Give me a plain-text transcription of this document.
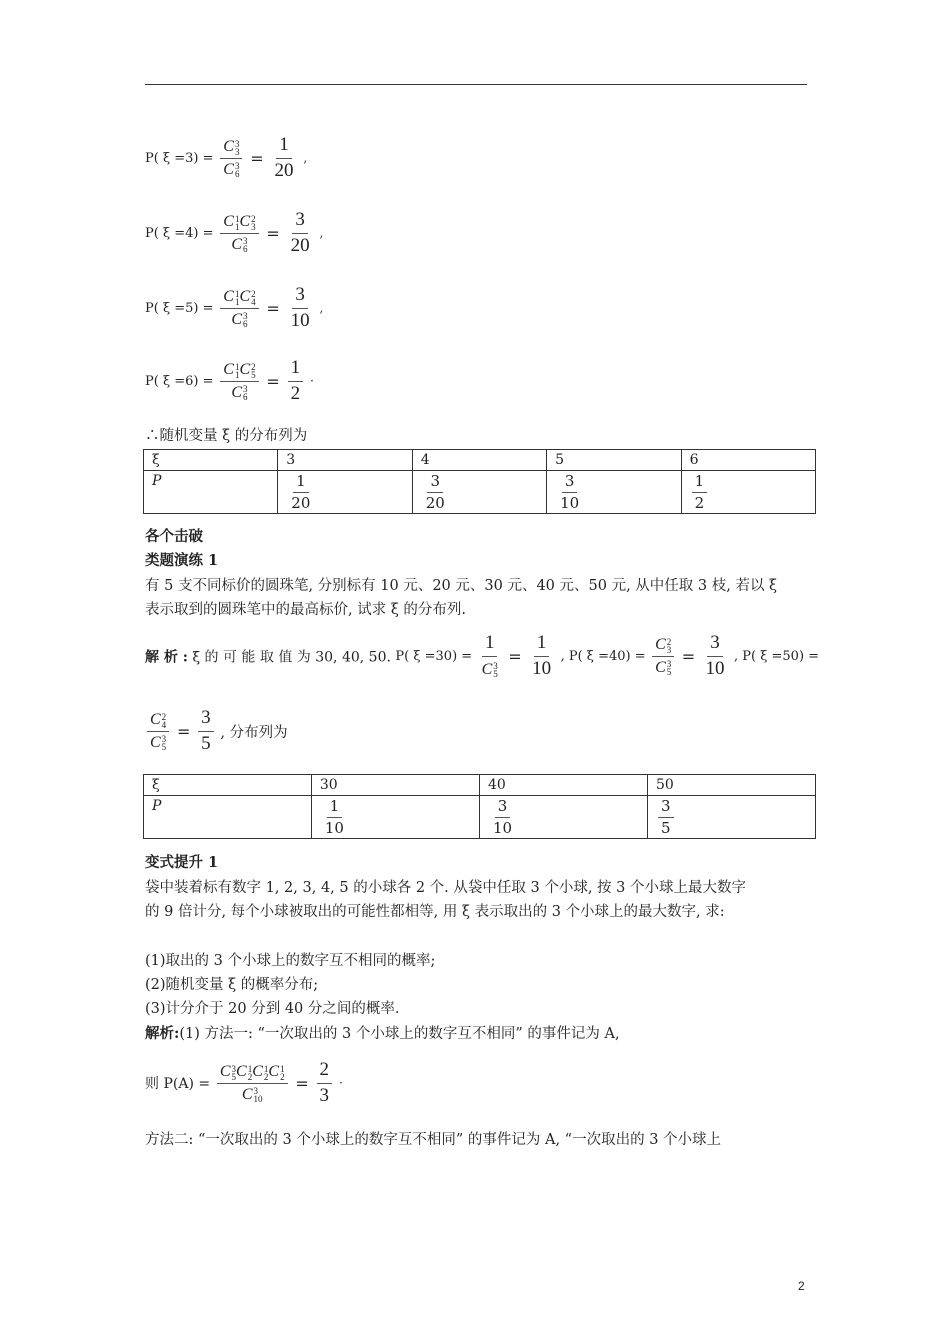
P( ξ =3) = C 3
3
C 3
$6 = \frac{1}{20}$ ,
P( ξ =4) = C 1
1 C 2
3
C 3
$6 = \frac{3}{20}$ ,
P( ξ =5) = C 1
1 C 2
4
C 3
$6 = \frac{3}{10}$ ,
P( ξ =6) = C 1
1 C 2
5
C 3
$6 = \frac{1}{2}$ ·
∴随机变量 ξ 的分布列为
ξ	3	4	5	6
P	$\frac{1}{20}$	$\frac{3}{20}$	$\frac{3}{10}$	$\frac{1}{2}$
各个击破
类题演练 1
有 5 支不同标价的圆珠笔, 分别标有 10 元、20 元、30 元、40 元、50 元, 从中任取 3 枝, 若以 ξ
表示取到的圆珠笔中的最高标价, 试求 ξ 的分布列.
解 析 : ξ 的 可 能 取 值 为 30, 40, 50. P( ξ =30) = 1
C 3
$5 = \frac{1}{10}$ , P( ξ =40) = C 2
3
C 3
$5 = \frac{3}{10}$ , P( ξ =50) =
C 2
4
C 3
$5 = \frac{3}{5}$ , 分布列为
ξ	30	40	50
P	$\frac{1}{10}$	$\frac{3}{10}$	$\frac{3}{5}$
变式提升 1
袋中装着标有数字 1, 2, 3, 4, 5 的小球各 2 个. 从袋中任取 3 个小球, 按 3 个小球上最大数字
的 9 倍计分, 每个小球被取出的可能性都相等, 用 ξ 表示取出的 3 个小球上的最大数字, 求:
(1)取出的 3 个小球上的数字互不相同的概率;
(2)随机变量 ξ 的概率分布;
(3)计分介于 20 分到 40 分之间的概率.
解析:(1) 方法一: “一次取出的 3 个小球上的数字互不相同” 的事件记为 A,
则 P(A) = C 3
5 C 1
2 C 1
2 C 1
2
C 3
$10 = \frac{2}{3}$ ·
方法二: “一次取出的 3 个小球上的数字互不相同” 的事件记为 A, “一次取出的 3 个小球上
2
